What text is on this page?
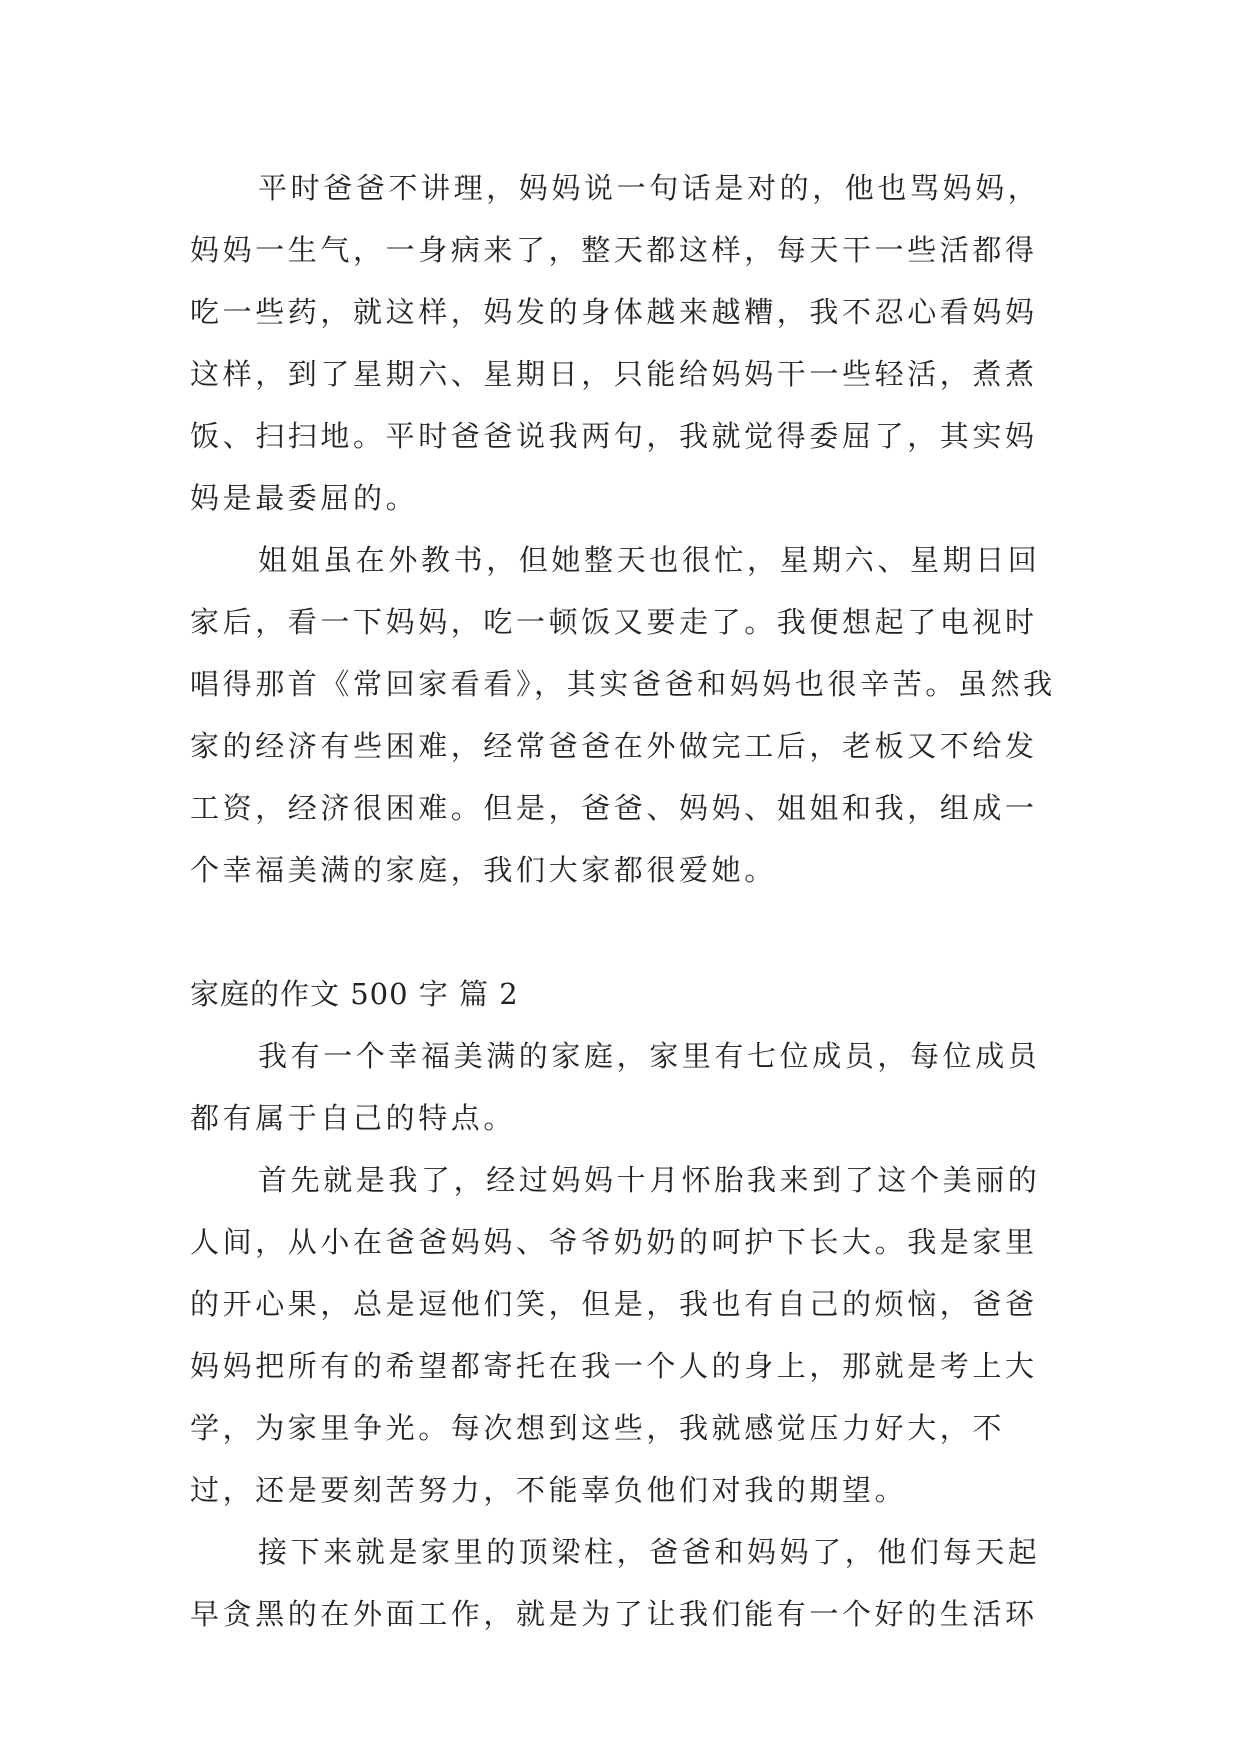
平时爸爸不讲理，妈妈说一句话是对的，他也骂妈妈，妈妈一生气，一身病来了，整天都这样，每天干一些活都得吃一些药，就这样，妈发的身体越来越糟，我不忍心看妈妈这样，到了星期六、星期日，只能给妈妈干一些轻活，煮煮饭、扫扫地。平时爸爸说我两句，我就觉得委屈了，其实妈妈是最委屈的。

姐姐虽在外教书，但她整天也很忙，星期六、星期日回家后，看一下妈妈，吃一顿饭又要走了。我便想起了电视时唱得那首《常回家看看》，其实爸爸和妈妈也很辛苦。虽然我家的经济有些困难，经常爸爸在外做完工后，老板又不给发工资，经济很困难。但是，爸爸、妈妈、姐姐和我，组成一个幸福美满的家庭，我们大家都很爱她。

家庭的作文 500 字 篇 2

我有一个幸福美满的家庭，家里有七位成员，每位成员都有属于自己的特点。

首先就是我了，经过妈妈十月怀胎我来到了这个美丽的人间，从小在爸爸妈妈、爷爷奶奶的呵护下长大。我是家里的开心果，总是逗他们笑，但是，我也有自己的烦恼，爸爸妈妈把所有的希望都寄托在我一个人的身上，那就是考上大学，为家里争光。每次想到这些，我就感觉压力好大，不过，还是要刻苦努力，不能辜负他们对我的期望。

接下来就是家里的顶梁柱，爸爸和妈妈了，他们每天起早贪黑的在外面工作，就是为了让我们能有一个好的生活环
